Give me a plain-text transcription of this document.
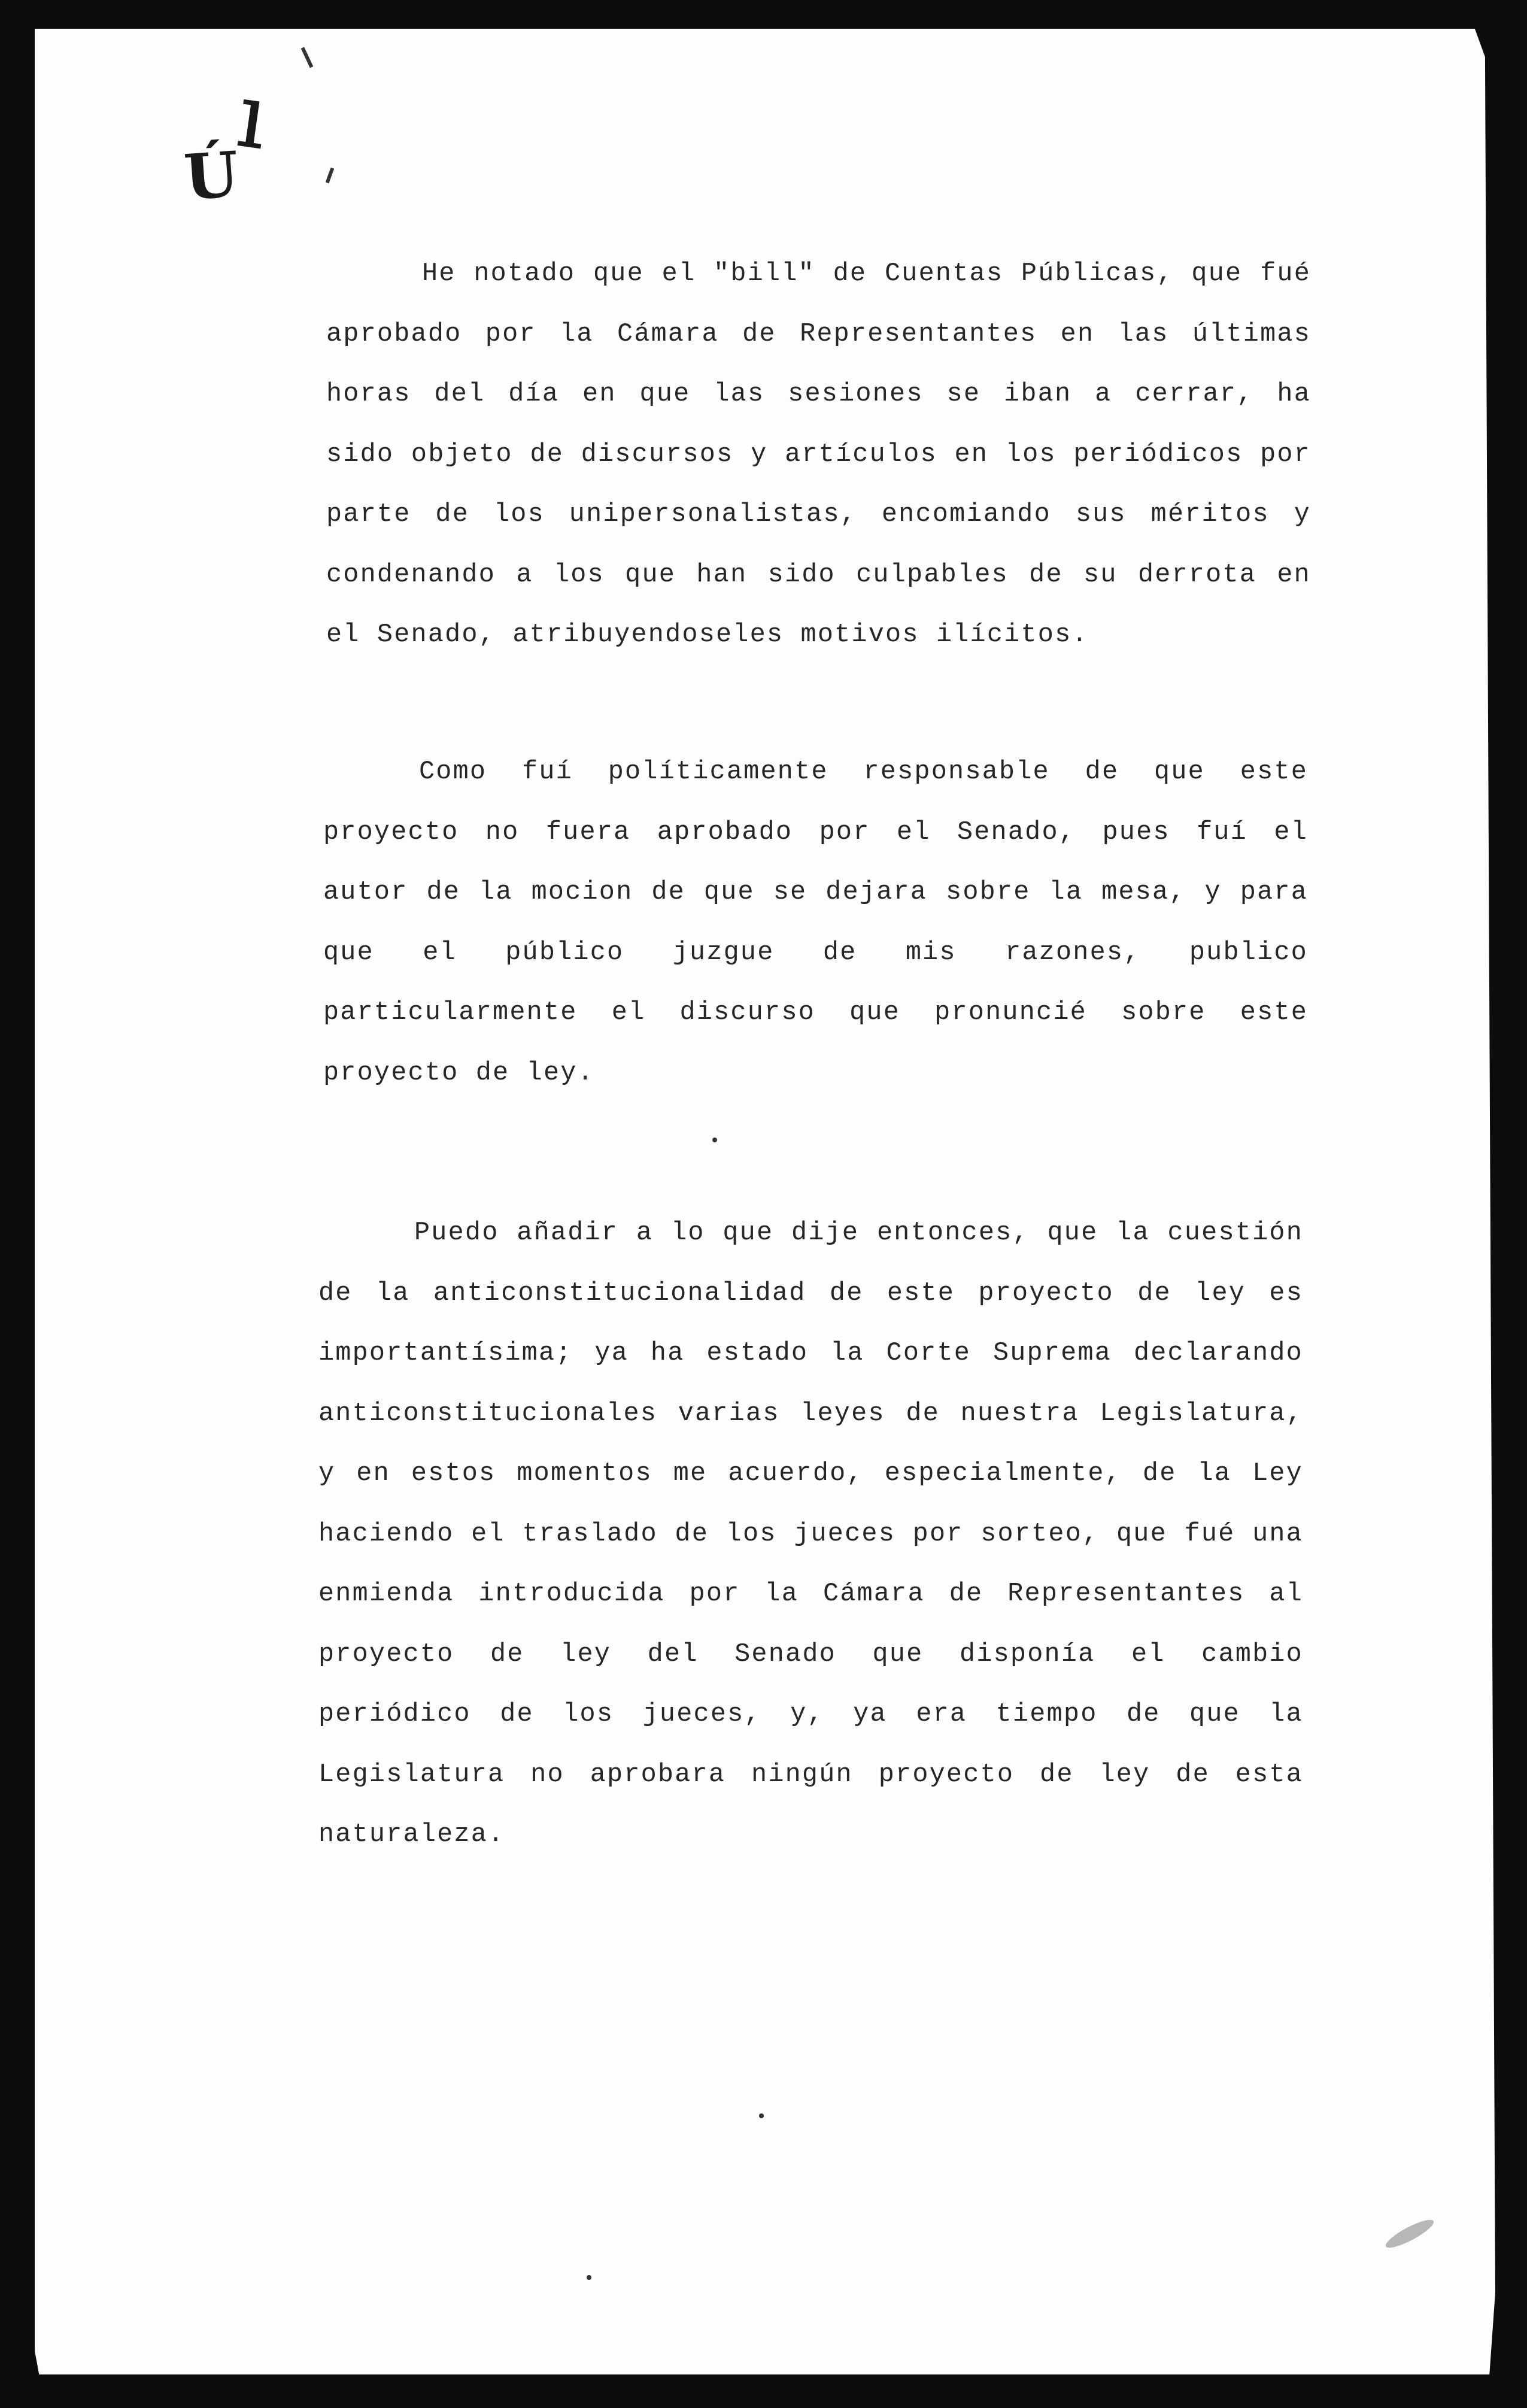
ı
Ú

He notado que el "bill" de Cuentas Públicas, que fué aprobado por la Cámara de Representantes en las últimas horas del día en que las sesiones se iban a cerrar, ha sido objeto de discursos y artículos en los periódicos por parte de los unipersonalistas, encomiando sus méritos y condenando a los que han sido culpables de su derrota en el Senado, atribuyendoseles motivos ilícitos.

Como fuí políticamente responsable de que este proyecto no fuera aprobado por el Senado, pues fuí el autor de la mocion de que se dejara sobre la mesa, y para que el público juzgue de mis razones, publico particularmente el discurso que pronuncié sobre este proyecto de ley.

Puedo añadir a lo que dije entonces, que la cuestión de la anticonstitucionalidad de este proyecto de ley es importantísima; ya ha estado la Corte Suprema declarando anticonstitucionales varias leyes de nuestra Legislatura, y en estos momentos me acuerdo, especialmente, de la Ley haciendo el traslado de los jueces por sorteo, que fué una enmienda introducida por la Cámara de Representantes al proyecto de ley del Senado que disponía el cambio periódico de los jueces, y, ya era tiempo de que la Legislatura no aprobara ningún proyecto de ley de esta naturaleza.
